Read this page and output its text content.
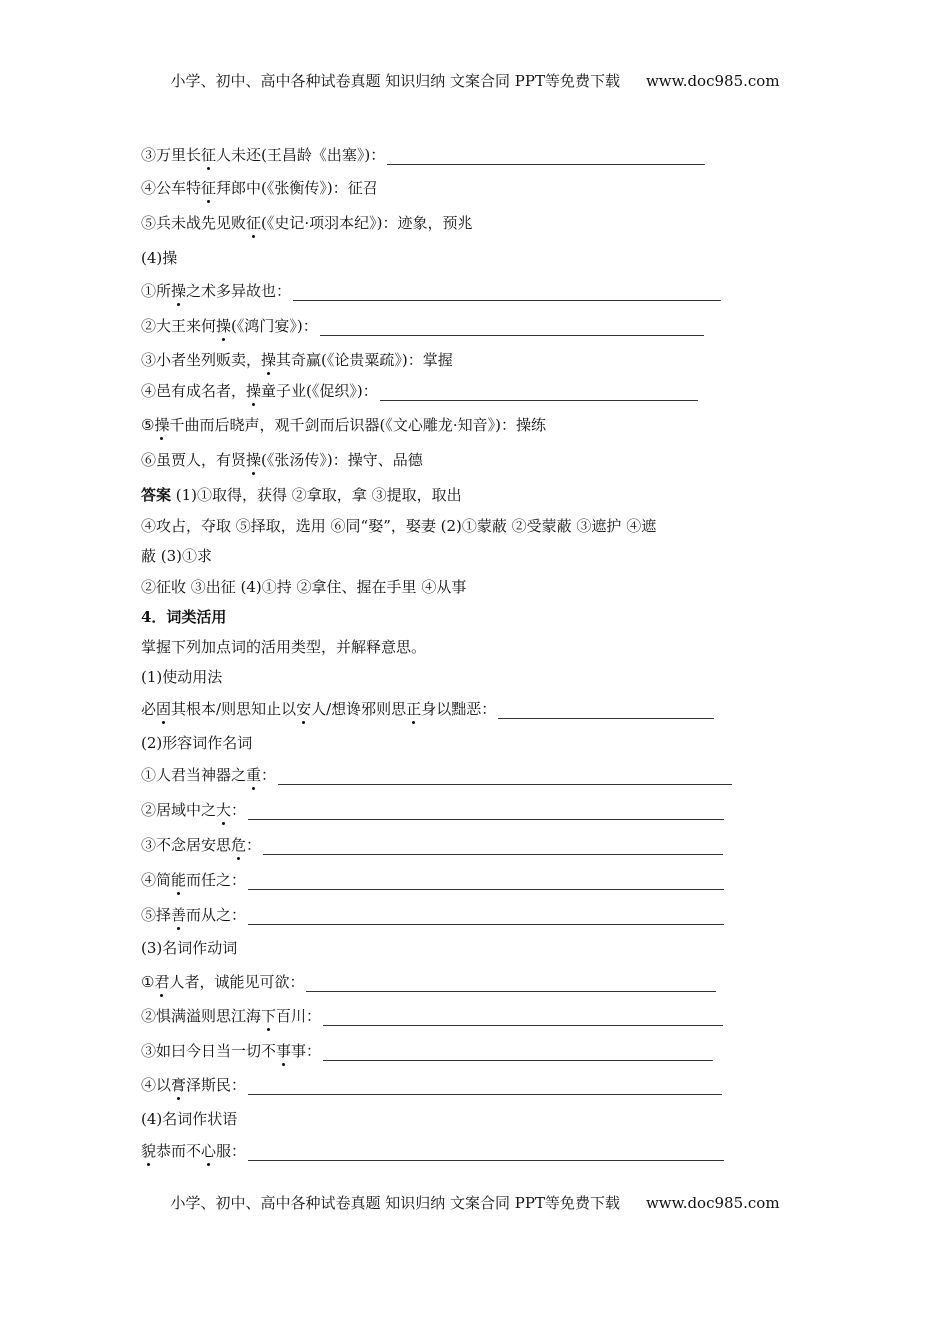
小学、初中、高中各种试卷真题 知识归纳 文案合同 PPT等免费下载 www.doc985.com
③万里长征人未还(王昌龄《出塞》)：
④公车特征拜郎中(《张衡传》)：征召
⑤兵未战先见败征(《史记·项羽本纪》)：迹象，预兆
(4)操
①所操之术多异故也：
②大王来何操(《鸿门宴》)：
③小者坐列贩卖，操其奇赢(《论贵粟疏》)：掌握
④邑有成名者，操童子业(《促织》)：
⑤操千曲而后晓声，观千剑而后识器(《文心雕龙·知音》)：操练
⑥虽贾人，有贤操(《张汤传》)：操守、品德
答案 (1)①取得，获得 ②拿取，拿 ③提取，取出
④攻占，夺取 ⑤择取，选用 ⑥同“娶”，娶妻 (2)①蒙蔽 ②受蒙蔽 ③遮护 ④遮
蔽 (3)①求
②征收 ③出征 (4)①持 ②拿住、握在手里 ④从事
4．词类活用
掌握下列加点词的活用类型，并解释意思。
(1)使动用法
必固其根本/则思知止以安人/想谗邪则思正身以黜恶：
(2)形容词作名词
①人君当神器之重：
②居域中之大：
③不念居安思危：
④简能而任之：
⑤择善而从之：
(3)名词作动词
①君人者，诚能见可欲：
②惧满溢则思江海下百川：
③如曰今日当一切不事事：
④以膏泽斯民：
(4)名词作状语
貌恭而不心服：
小学、初中、高中各种试卷真题 知识归纳 文案合同 PPT等免费下载 www.doc985.com
